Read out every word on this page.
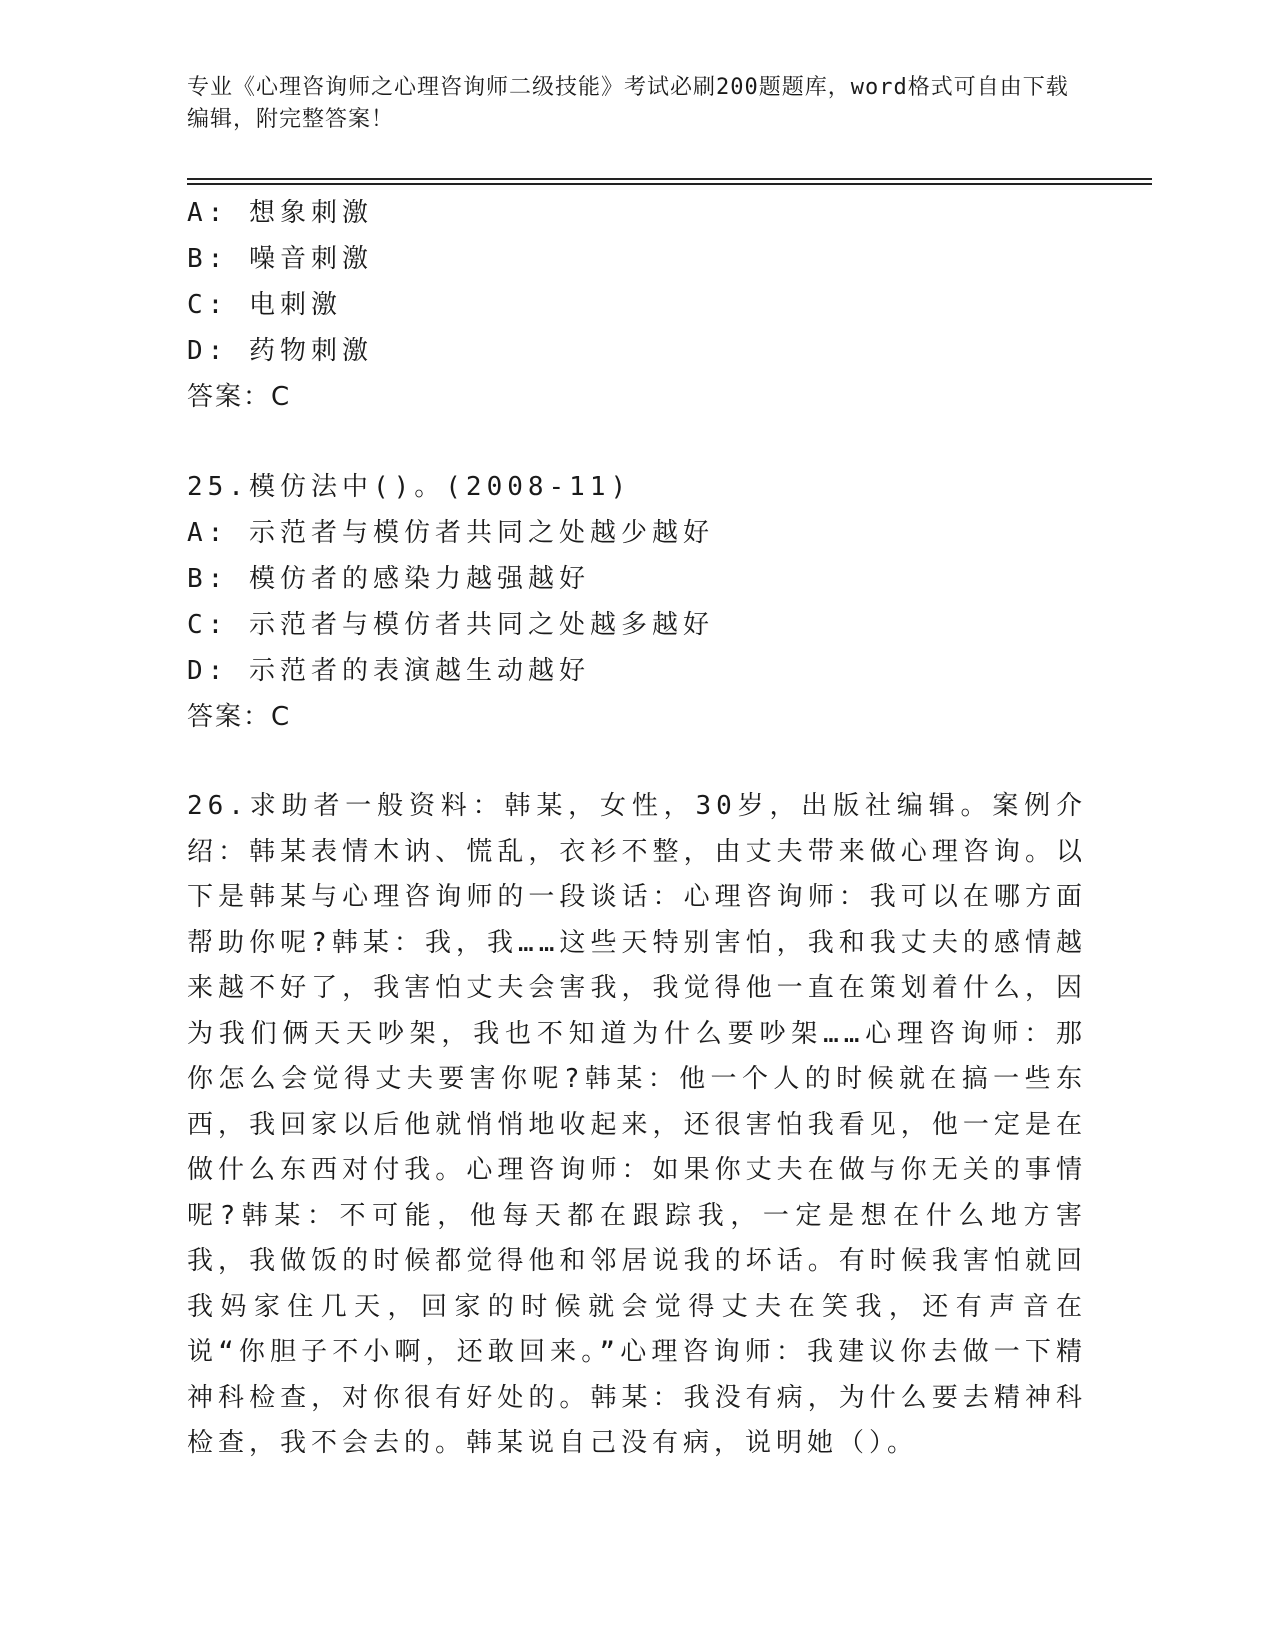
专业《心理咨询师之心理咨询师二级技能》考试必刷200题题库，word格式可自由下载编辑，附完整答案！
A: 想象刺激
B: 噪音刺激
C: 电刺激
D: 药物刺激
答案：C
25.模仿法中()。(2008-11)
A: 示范者与模仿者共同之处越少越好
B: 模仿者的感染力越强越好
C: 示范者与模仿者共同之处越多越好
D: 示范者的表演越生动越好
答案：C

26.求助者一般资料：韩某，女性，30岁，出版社编辑。案例介绍：韩某表情木讷、慌乱，衣衫不整，由丈夫带来做心理咨询。以下是韩某与心理咨询师的一段谈话：心理咨询师：我可以在哪方面帮助你呢?韩某：我，我……这些天特别害怕，我和我丈夫的感情越来越不好了，我害怕丈夫会害我，我觉得他一直在策划着什么，因为我们俩天天吵架，我也不知道为什么要吵架……心理咨询师：那你怎么会觉得丈夫要害你呢?韩某：他一个人的时候就在搞一些东西，我回家以后他就悄悄地收起来，还很害怕我看见，他一定是在做什么东西对付我。心理咨询师：如果你丈夫在做与你无关的事情呢?韩某：不可能，他每天都在跟踪我，一定是想在什么地方害我，我做饭的时候都觉得他和邻居说我的坏话。有时候我害怕就回我妈家住几天，回家的时候就会觉得丈夫在笑我，还有声音在说“你胆子不小啊，还敢回来。”心理咨询师：我建议你去做一下精神科检查，对你很有好处的。韩某：我没有病，为什么要去精神科检查，我不会去的。韩某说自己没有病，说明她（）。
